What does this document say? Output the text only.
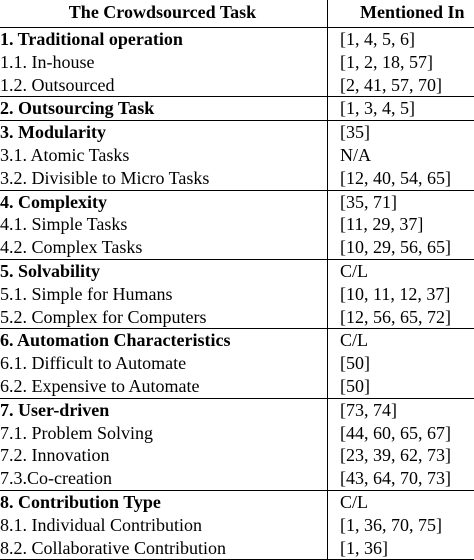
The Crowdsourced Task	Mentioned In
1. Traditional operation	[1, 4, 5, 6]
1.1. In-house	[1, 2, 18, 57]
1.2. Outsourced	[2, 41, 57, 70]
2. Outsourcing Task	[1, 3, 4, 5]
3. Modularity	[35]
3.1. Atomic Tasks	N/A
3.2. Divisible to Micro Tasks	[12, 40, 54, 65]
4. Complexity	[35, 71]
4.1. Simple Tasks	[11, 29, 37]
4.2. Complex Tasks	[10, 29, 56, 65]
5. Solvability	C/L
5.1. Simple for Humans	[10, 11, 12, 37]
5.2. Complex for Computers	[12, 56, 65, 72]
6. Automation Characteristics	C/L
6.1. Difficult to Automate	[50]
6.2. Expensive to Automate	[50]
7. User-driven	[73, 74]
7.1. Problem Solving	[44, 60, 65, 67]
7.2. Innovation	[23, 39, 62, 73]
7.3.Co-creation	[43, 64, 70, 73]
8. Contribution Type	C/L
8.1. Individual Contribution	[1, 36, 70, 75]
8.2. Collaborative Contribution	[1, 36]
